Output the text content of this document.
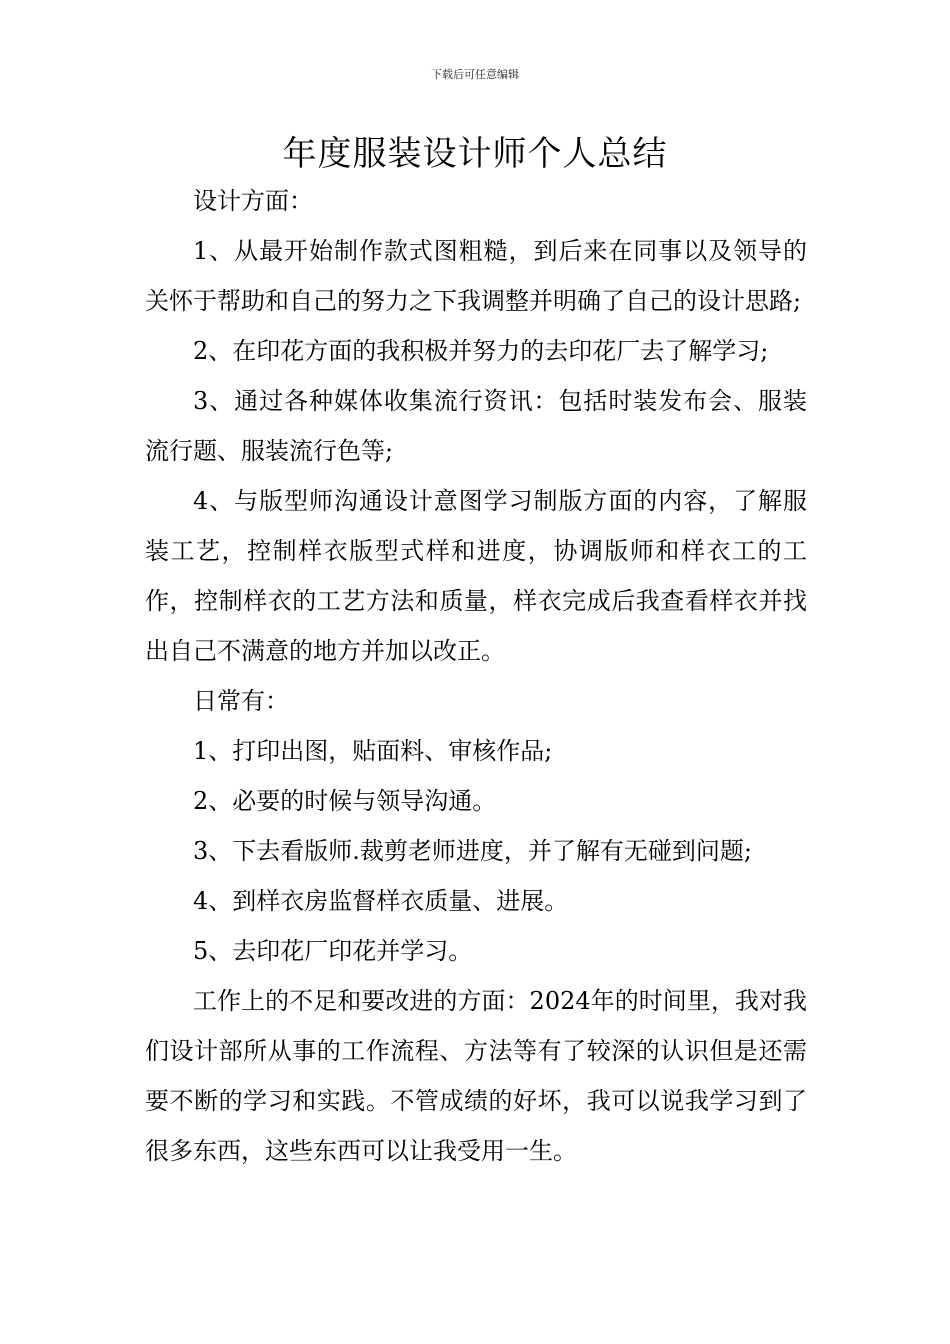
下载后可任意编辑
年度服装设计师个人总结

设计方面：

1、从最开始制作款式图粗糙，到后来在同事以及领导的关怀于帮助和自己的努力之下我调整并明确了自己的设计思路;

2、在印花方面的我积极并努力的去印花厂去了解学习;

3、通过各种媒体收集流行资讯：包括时装发布会、服装流行题、服装流行色等;

4、与版型师沟通设计意图学习制版方面的内容，了解服装工艺，控制样衣版型式样和进度，协调版师和样衣工的工作，控制样衣的工艺方法和质量，样衣完成后我查看样衣并找出自己不满意的地方并加以改正。

日常有：

1、打印出图，贴面料、审核作品;

2、必要的时候与领导沟通。

3、下去看版师.裁剪老师进度，并了解有无碰到问题;

4、到样衣房监督样衣质量、进展。

5、去印花厂印花并学习。

工作上的不足和要改进的方面：2024年的时间里，我对我们设计部所从事的工作流程、方法等有了较深的认识但是还需要不断的学习和实践。不管成绩的好坏，我可以说我学习到了很多东西，这些东西可以让我受用一生。
